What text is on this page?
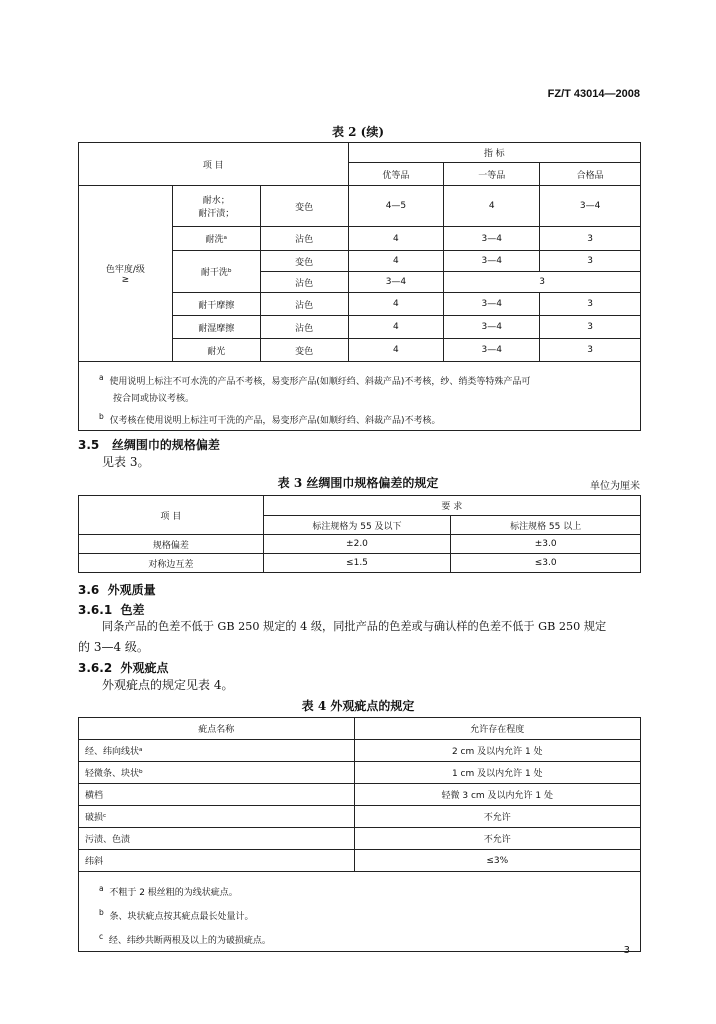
FZ/T 43014—2008
表 2 (续)
项 目			指 标		
			优等品	一等品	合格品
色牢度/级
≥	耐水；
耐汗渍；	变色	4—5	4	3—4
	耐洗ᵃ	沾色	4	3—4	3
	耐干洗ᵇ	变色	4	3—4	3
		沾色	3—4	3	
	耐干摩擦	沾色	4	3—4	3
	耐湿摩擦	沾色	4	3—4	3
	耐光	变色	4	3—4	3

$^a$ 使用说明上标注不可水洗的产品不考核，易变形产品(如顺纡绉、斜裁产品)不考核，纱、绡类等特殊产品可
按合同或协议考核。
$^b$ 仅考核在使用说明上标注可干洗的产品，易变形产品(如顺纡绉、斜裁产品)不考核。					
3.5 丝绸围巾的规格偏差
见表 3。
表 3 丝绸围巾规格偏差的规定	单位为厘米
项 目	要 求	
	标注规格为 55 及以下	标注规格 55 以上
规格偏差	±2.0	±3.0
对称边互差	≤1.5	≤3.0
3.6 外观质量
3.6.1 色差
同条产品的色差不低于 GB 250 规定的 4 级，同批产品的色差或与确认样的色差不低于 GB 250 规定
的 3—4 级。
3.6.2 外观疵点
外观疵点的规定见表 4。
表 4 外观疵点的规定
疵点名称	允许存在程度
经、纬向线状ᵃ	2 cm 及以内允许 1 处
轻微条、块状ᵇ	1 cm 及以内允许 1 处
横档	轻微 3 cm 及以内允许 1 处
破损ᶜ	不允许
污渍、色渍	不允许
纬斜	≤3%

$^a$ 不粗于 2 根丝粗的为线状疵点。
$^b$ 条、块状疵点按其疵点最长处量计。
$^c$ 经、纬纱共断两根及以上的为破损疵点。	
3
